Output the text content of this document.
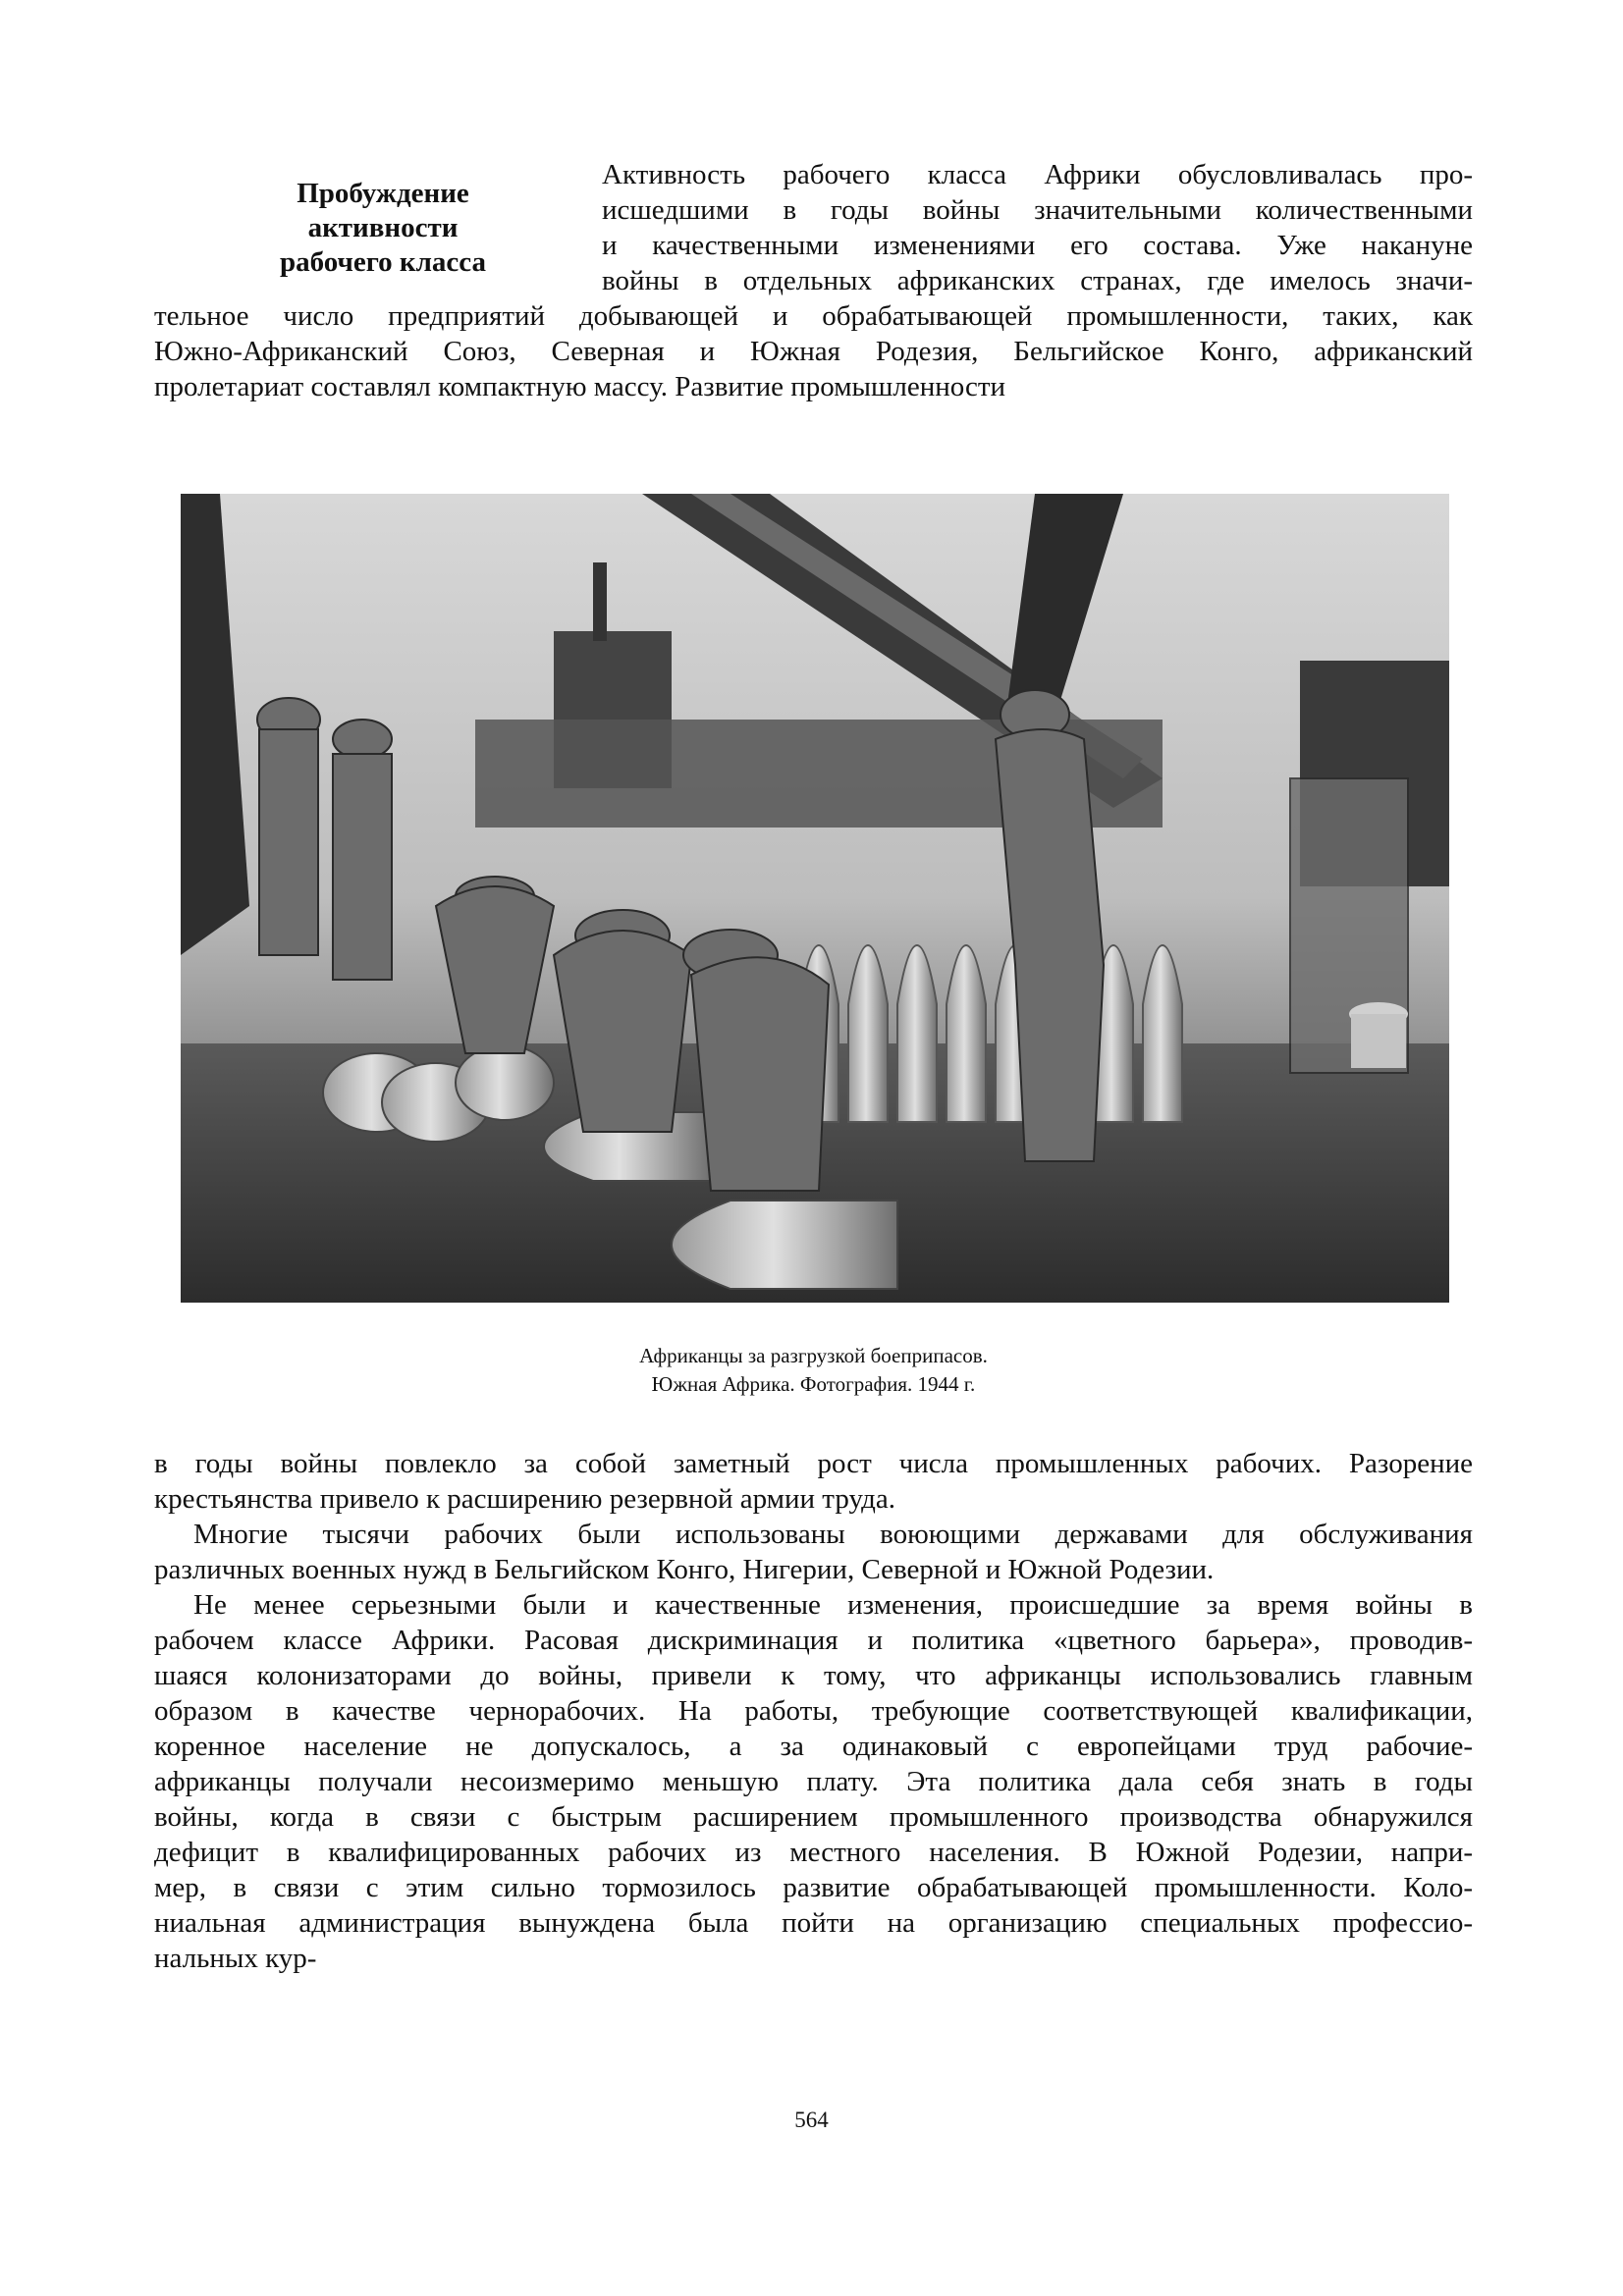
Пробуждение
активности
рабочего класса
Активность рабочего класса Африки обусловливалась про-
исшедшими в годы войны значительными количественными
и качественными изменениями его состава. Уже накануне
войны в отдельных африканских странах, где имелось значи-
тельное число предприятий добывающей и обрабатывающей промышленности, таких, как
Южно-Африканский Союз, Северная и Южная Родезия, Бельгийское Конго, африканский
пролетариат составлял компактную массу. Развитие промышленности
Африканцы за разгрузкой боеприпасов.
Южная Африка. Фотография. 1944 г.
в годы войны повлекло за собой заметный рост числа промышленных рабочих. Разорение
крестьянства привело к расширению резервной армии труда.
Многие тысячи рабочих были использованы воюющими державами для обслуживания
различных военных нужд в Бельгийском Конго, Нигерии, Северной и Южной Родезии.
Не менее серьезными были и качественные изменения, происшедшие за время войны в
рабочем классе Африки. Расовая дискриминация и политика «цветного барьера», проводив-
шаяся колонизаторами до войны, привели к тому, что африканцы использовались главным
образом в качестве чернорабочих. На работы, требующие соответствующей квалификации,
коренное население не допускалось, а за одинаковый с европейцами труд рабочие-
африканцы получали несоизмеримо меньшую плату. Эта политика дала себя знать в годы
войны, когда в связи с быстрым расширением промышленного производства обнаружился
дефицит в квалифицированных рабочих из местного населения. В Южной Родезии, напри-
мер, в связи с этим сильно тормозилось развитие обрабатывающей промышленности. Коло-
ниальная администрация вынуждена была пойти на организацию специальных профессио-
нальных кур-
564
